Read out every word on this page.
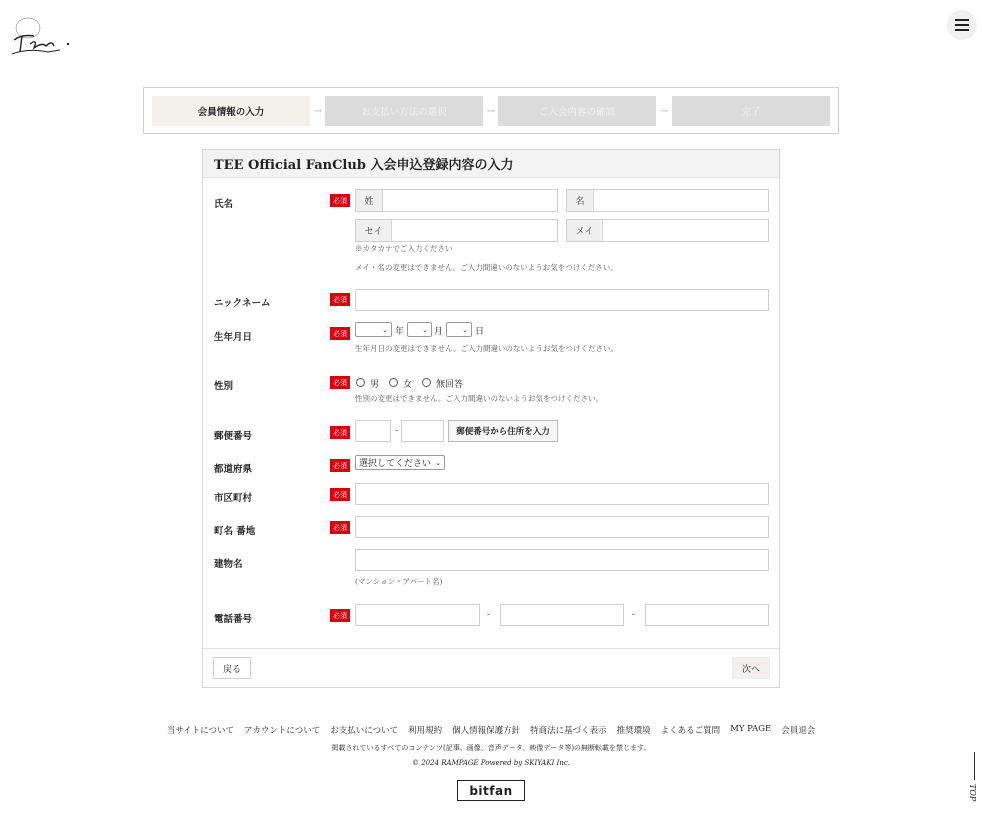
会員情報の入力	→	お支払い方法の選択	→	ご入会内容の確認	→	完了
TEE Official FanClub 入会申込登録内容の入力
氏名	必須	姓	名
セイ	メイ
※カタカナでご入力ください
メイ・名の変更はできません。ご入力間違いのないようお気をつけください。
ニックネーム	必須
生年月日	必須	⌄ 年	⌄ 月	⌄ 日
生年月日の変更はできません。ご入力間違いのないようお気をつけください。
性別	必須	男	女	無回答
性別の変更はできません。ご入力間違いのないようお気をつけください。
郵便番号	必須	-	郵便番号から住所を入力
都道府県	必須	選択してください ⌄
市区町村	必須
町名 番地	必須
建物名
(マンション・アパート名)
電話番号	必須	-	-
戻る	次へ
当サイトについて アカウントについて お支払いについて 利用規約 個人情報保護方針 特商法に基づく表示 推奨環境 よくあるご質問 MY PAGE 会員退会
掲載されているすべてのコンテンツ(記事、画像、音声データ、映像データ等)の無断転載を禁じます。
© 2024 RAMPAGE Powered by SKIYAKI Inc.
bitfan	TOP
